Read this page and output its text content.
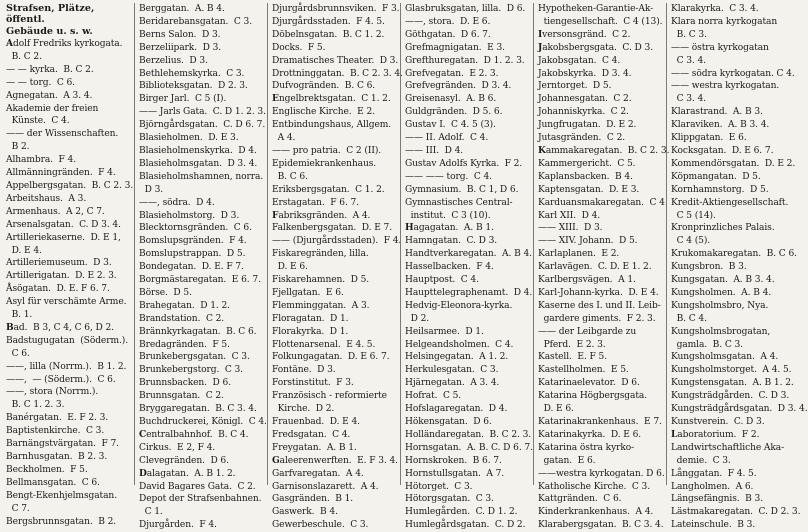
Strafsen, Plätze, öffentl.
Gebäude u. s. w.
Adolf Fredriks kyrkogata.
B. C 2.
— — kyrka.  B. C 2.
— — torg.  C 6.
Agnegatan.  A 3. 4.
Akademie der freien
Künste.  C 4.
—— der Wissenschaften.
B 2.
Alhambra.  F 4.
Allmänningränden.  F 4.
Appelbergsgatan.  B. C 2. 3.
Arbeitshaus.  A 3.
Armenhaus.  A 2, C 7.
Arsenalsgatan.  C. D 3. 4.
Artilleriekaserne.  D. E 1,
D. E 4.
Artilleriemuseum.  D 3.
Artillerigatan.  D. E 2. 3.
Åsögatan.  D. E. F 6. 7.
Asyl für verschämte Arme.
B. 1.
Bad.  B 3, C 4, C 6, D 2.
Badstugugatan  (Söderm.).
C 6.
——, lilla (Norrm.).  B 1. 2.
——,  — (Söderm.).  C 6.
——, stora (Norrm.).
B. C 1. 2. 3.
Banérgatan.  E. F 2. 3.
Baptistenkirche.  C 3.
Barnängstvärgatan.  F 7.
Barnhusgatan.  B 2. 3.
Beckholmen.  F 5.
Bellmansgatan.  C 6.
Bengt-Ekenhjelmsgatan.
C 7.
Bergsbrunnsgatan.  B 2.
Berggatan.  A. B 4.
Beridarebansgatan.  C 3.
Berns Salon.  D 3.
Berzeliipark.  D 3.
Berzelius.  D 3.
Bethlehemskyrka.  C 3.
Biblioteksgatan.  D 2. 3.
Birger Jarl.  C 5 (I).
—— Jarls Gata.  C. D 1. 2. 3.
Björngårdsgatan.  C. D 6. 7.
Blasieholmen.  D. E 3.
Blasieholmenskyrka.  D 4.
Blasieholmsgatan.  D 3. 4.
Blasieholmshamnen, norra.
D 3.
——, södra.  D 4.
Blasieholmstorg.  D 3.
Blecktornsgränden.  C 6.
Bomslupsgränden.  F 4.
Bomslupstrappan.  D 5.
Bondegatan.  D. E. F 7.
Borgmästaregatan.  E 6. 7.
Börse.  D 5.
Brahegatan.  D 1. 2.
Brandstation.  C 2.
Brännkyrkagatan.  B. C 6.
Bredagränden.  F 5.
Brunkebergsgatan.  C 3.
Brunkebergstorg.  C 3.
Brunnsbacken.  D 6.
Brunnsgatan.  C 2.
Bryggaregatan.  B. C 3. 4.
Buchdruckerei, Königl.  C 4.
Centralbahnhof.  B. C 4.
Cirkus.  E 2, F 4.
Clevegränden.  D 6.
Dalagatan.  A. B 1. 2.
David Bagares Gata.  C 2.
Depot der Strafsenbahnen.
C 1.
Djurgården.  F 4.
Djurgårdsbrunnsviken.  F 3.
Djurgårdsstaden.  F 4. 5.
Döbelnsgatan.  B. C 1. 2.
Docks.  F 5.
Dramatisches Theater.  D 3.
Drottninggatan.  B. C 2. 3. 4.
Dufvogränden.  B. C 6.
Engelbrektsgatan.  C 1. 2.
Englische Kirche.  E 2.
Entbindungshaus, Allgem.
A 4.
—— pro patria.  C 2 (II).
Epidemiekrankenhaus.
B. C 6.
Eriksbergsgatan.  C 1. 2.
Erstagatan.  F 6. 7.
Fabriksgränden.  A 4.
Falkenbergsgatan.  D. E 7.
—— (Djurgårdsstaden).  F 4.
Fiskaregränden, lilla.
D. E 6.
Fiskarehamnen.  D 5.
Fjellgatan.  E 6.
Flemminggatan.  A 3.
Floragatan.  D 1.
Florakyrka.  D 1.
Flottenarsenal.  E 4. 5.
Folkungagatan.  D. E 6. 7.
Fontäne.  D 3.
Forstinstitut.  F 3.
Französisch - reformierte
Kirche.  D 2.
Frauenbad.  D. E 4.
Fredsgatan.  C 4.
Freygatan.  A. B 1.
Galeerenwerften.  E. F 3. 4.
Garfvaregatan.  A 4.
Garnisonslazarett.  A 4.
Gasgränden.  B 1.
Gaswerk.  B 4.
Gewerbeschule.  C 3.
Glasbruksgatan, lilla.  D 6.
——, stora.  D. E 6.
Göthgatan.  D 6. 7.
Grefmagnigatan.  E 3.
Grefthuregatan.  D 1. 2. 3.
Grefvegatan.  E 2. 3.
Grefvegränden.  D 3. 4.
Greisenasyl.  A. B 6.
Guldgränden.  D 5. 6.
Gustav I.  C 4. 5 (3).
—— II. Adolf.  C 4.
—— III.  D 4.
Gustav Adolfs Kyrka.  F 2.
—— —— torg.  C 4.
Gymnasium.  B. C 1, D 6.
Gymnastisches Central-
institut.  C 3 (10).
Hagagatan.  A. B 1.
Hamngatan.  C. D 3.
Handtverkaregatan.  A. B 4.
Hasselbacken.  F 4.
Hauptpost.  C 4.
Haupttelegraphenamt.  D 4.
Hedvig-Eleonora-kyrka.
D 2.
Heilsarmee.  D 1.
Helgeandsholmen.  C 4.
Helsingegatan.  A 1. 2.
Herkulesgatan.  C 3.
Hjärnegatan.  A 3. 4.
Hofrat.  C 5.
Hofslagaregatan.  D 4.
Hökensgatan.  D 6.
Holländaregatan.  B. C 2. 3.
Hornsgatan.  A. B. C. D 6. 7.
Hornskroken.  B 6. 7.
Hornstullsgatan.  A 7.
Hötorget.  C 3.
Hötorgsgatan.  C 3.
Humlegården.  C. D 1. 2.
Humlegårdsgatan.  C. D 2.
Hypotheken-Garantie-Ak-
tiengesellschaft.  C 4 (13).
Iversonsgränd.  C 2.
Jakobsbergsgata.  C. D 3.
Jakobsgatan.  C 4.
Jakobskyrka.  D 3. 4.
Jerntorget.  D 5.
Johannesgatan.  C 2.
Johanniskyrka.  C 2.
Jungfrugatan.  D. E 2.
Jutasgränden.  C 2.
Kammakaregatan.  B. C 2. 3.
Kammergericht.  C 5.
Kaplansbacken.  B 4.
Kaptensgatan.  D. E 3.
Karduansmakaregatan.  C 4.
Karl XII.  D 4.
—— XIII.  D 3.
—— XIV. Johann.  D 5.
Karlaplanen.  E 2.
Karlavägen.  C. D. E 1. 2.
Karlbergsvägen.  A 1.
Karl-Johann-kyrka.  D. E 4.
Kaserne des I. und II. Leib-
gardere giments.  F 2. 3.
—— der Leibgarde zu
Pferd.  E 2. 3.
Kastell.  E. F 5.
Kastellholmen.  E 5.
Katarinaelevator.  D 6.
Katarina Högbergsgata.
D. E 6.
Katarinakrankenhaus.  E 7.
Katarinakyrka.  D. E 6.
Katarina östra kyrko-
gatan.  E 6.
——westra kyrkogatan. D 6.
Katholische Kirche.  C 3.
Kattgränden.  C 6.
Kinderkrankenhaus.  A 4.
Klarabergsgatan.  B. C 3. 4.
Klarakyrka.  C 3. 4.
Klara norra kyrkogatan
B. C 3.
—— östra kyrkogatan
C 3. 4.
—— södra kyrkogatan. C 4.
—— westra kyrkogatan.
C 3. 4.
Klarastrand.  A. B 3.
Klaraviken.  A. B 3. 4.
Klippgatan.  E 6.
Kocksgatan.  D. E 6. 7.
Kommendörsgatan.  D. E 2.
Köpmangatan.  D 5.
Kornhamnstorg.  D 5.
Kredit-Aktiengesellschaft.
C 5 (14).
Kronprinzliches Palais.
C 4 (5).
Krukomakaregatan.  B. C 6.
Kungsbron.  B 3.
Kungsgatan.  A. B 3. 4.
Kungsholmen.  A. B 4.
Kungsholmsbro, Nya.
B. C 4.
Kungsholmsbrogatan,
gamla.  B. C 3.
Kungsholmsgatan.  A 4.
Kungsholmstorget.  A 4. 5.
Kungstensgatan.  A. B 1. 2.
Kungsträdgården.  C. D 3.
Kungsträdgårdsgatan.  D 3. 4.
Kunstverein.  C. D 3.
Laboratorium.  F 2.
Landwirtschaftliche Aka-
demie.  C 3.
Långgatan.  F 4. 5.
Langholmen.  A 6.
Längsefängnis.  B 3.
Lästmakaregatan.  C. D 2. 3.
Lateinschule.  B 3.
